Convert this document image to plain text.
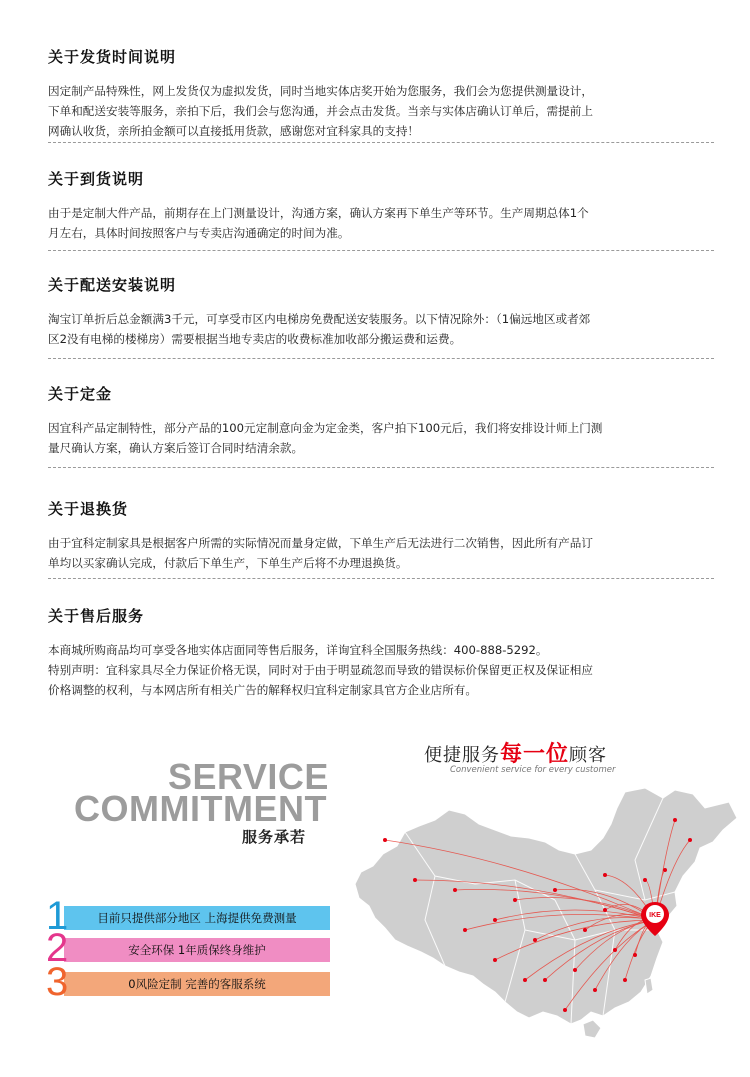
关于发货时间说明

因定制产品特殊性，网上发货仅为虚拟发货，同时当地实体店奖开始为您服务，我们会为您提供测量设计，

下单和配送安装等服务，亲拍下后，我们会与您沟通，并会点击发货。当亲与实体店确认订单后，需提前上

网确认收货，亲所拍金额可以直接抵用货款，感谢您对宜科家具的支持！

关于到货说明

由于是定制大件产品，前期存在上门测量设计，沟通方案，确认方案再下单生产等环节。生产周期总体1个

月左右，具体时间按照客户与专卖店沟通确定的时间为准。

关于配送安装说明

淘宝订单折后总金额满3千元，可享受市区内电梯房免费配送安装服务。以下情况除外：（1偏远地区或者郊

区2没有电梯的楼梯房）需要根据当地专卖店的收费标准加收部分搬运费和运费。

关于定金

因宜科产品定制特性，部分产品的100元定制意向金为定金类，客户拍下100元后，我们将安排设计师上门测

量尺确认方案，确认方案后签订合同时结清余款。

关于退换货

由于宜科定制家具是根据客户所需的实际情况而量身定做，下单生产后无法进行二次销售，因此所有产品订

单均以买家确认完成，付款后下单生产，下单生产后将不办理退换货。

关于售后服务

本商城所购商品均可享受各地实体店面同等售后服务，详询宜科全国服务热线：400-888-5292。

特别声明：宜科家具尽全力保证价格无误，同时对于由于明显疏忽而导致的错误标价保留更正权及保证相应

价格调整的权利，与本网店所有相关广告的解释权归宜科定制家具官方企业店所有。

SERVICE
COMMITMENT
服务承若
目前只提供部分地区 上海提供免费测量
1
安全环保 1年质保终身维护
2
0风险定制 完善的客服系统
3
便捷服务每一位顾客
Convenient service for every customer
IKE
